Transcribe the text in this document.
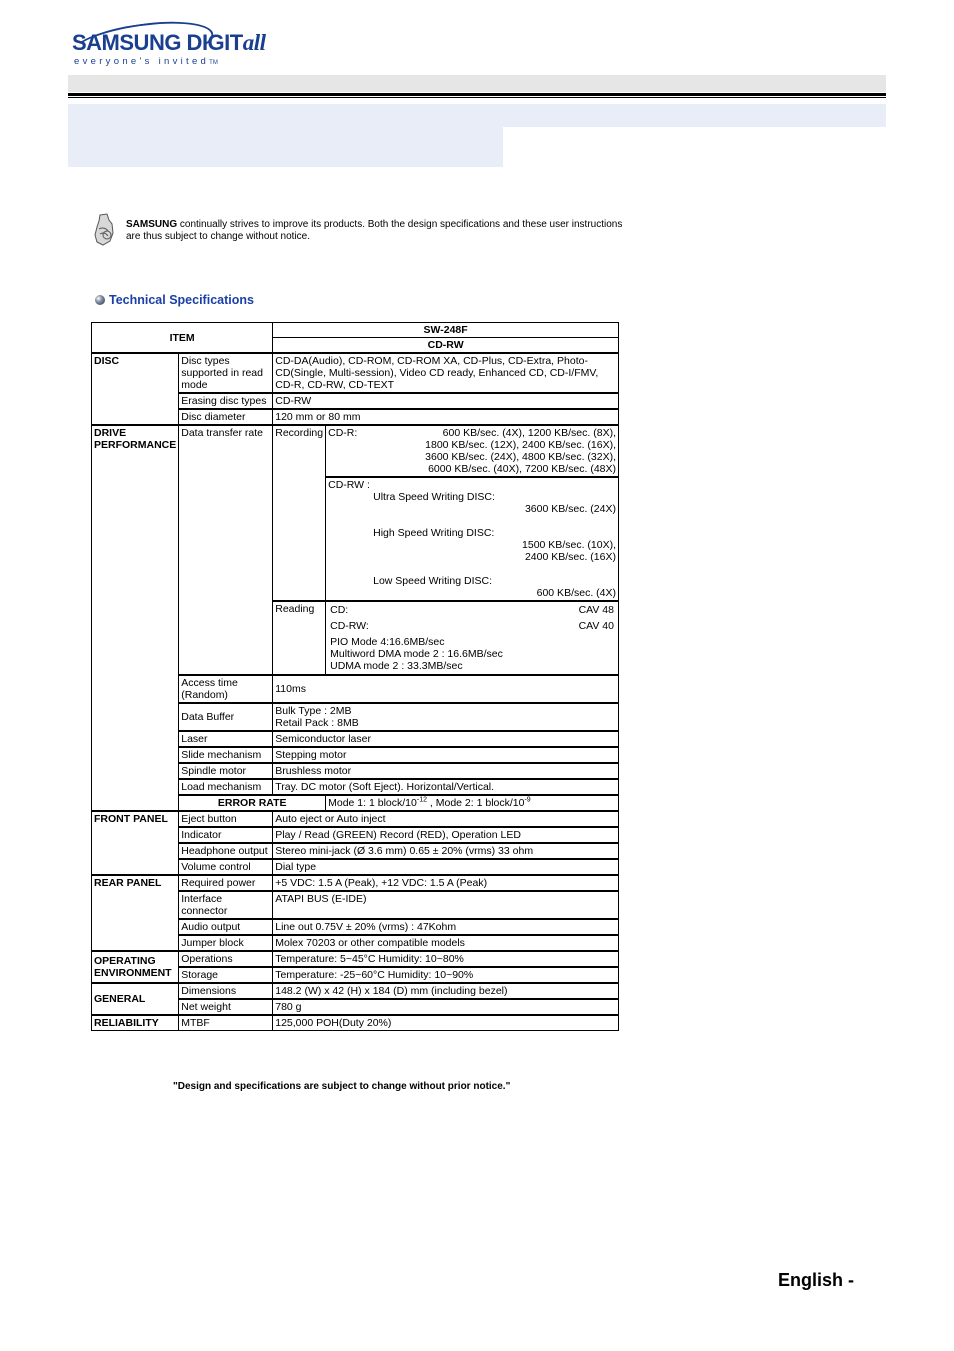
SAMSUNG DIGITall
everyone's invitedTM
SAMSUNG continually strives to improve its products. Both the design specifications and these user instructions are thus subject to change without notice.
Technical Specifications
ITEM	SW-248F
CD-RW
DISC	Disc types supported in read mode	CD-DA(Audio), CD-ROM, CD-ROM XA, CD-Plus, CD-Extra, Photo-CD(Single, Multi-session), Video CD ready, Enhanced CD, CD-I/FMV, CD-R, CD-RW, CD-TEXT
Erasing disc types	CD-RW
Disc diameter	120 mm or 80 mm
DRIVE PERFORMANCE	Data transfer rate	Recording	CD-R:	600 KB/sec. (4X), 1200 KB/sec. (8X),
1800 KB/sec. (12X), 2400 KB/sec. (16X),
3600 KB/sec. (24X), 4800 KB/sec. (32X),
6000 KB/sec. (40X), 7200 KB/sec. (48X)

CD-RW :
Ultra Speed Writing DISC:
3600 KB/sec. (24X)
High Speed Writing DISC:
1500 KB/sec. (10X),
2400 KB/sec. (16X)
Low Speed Writing DISC:
600 KB/sec. (4X)

Reading	CD:	CAV 48

CD-RW:	CAV 40

PIO Mode 4:16.6MB/sec
Multiword DMA mode 2 : 16.6MB/sec
UDMA mode 2 : 33.3MB/sec

Access time (Random)	110ms
Data Buffer	Bulk Type : 2MB
Retail Pack : 8MB

Laser	Semiconductor laser
Slide mechanism	Stepping motor
Spindle motor	Brushless motor
Load mechanism	Tray. DC motor (Soft Eject). Horizontal/Vertical.
ERROR RATE	Mode 1: 1 block/$10^{-12}$ , Mode 2: 1 block/$10^{-9}$
FRONT PANEL	Eject button	Auto eject or Auto inject
Indicator	Play / Read (GREEN) Record (RED), Operation LED
Headphone output	Stereo mini-jack (Ø 3.6 mm) 0.65 ± 20% (vrms) 33 ohm
Volume control	Dial type
REAR PANEL	Required power	+5 VDC: 1.5 A (Peak), +12 VDC: 1.5 A (Peak)
Interface connector	ATAPI BUS (E-IDE)
Audio output	Line out 0.75V ± 20% (vrms) : 47Kohm
Jumper block	Molex 70203 or other compatible models
OPERATING ENVIRONMENT	Operations	Temperature: 5~45°C Humidity: 10~80%
Storage	Temperature: -25~60°C Humidity: 10~90%
GENERAL	Dimensions	148.2 (W) x 42 (H) x 184 (D) mm (including bezel)
Net weight	780 g
RELIABILITY	MTBF	125,000 POH(Duty 20%)
"Design and specifications are subject to change without prior notice."
English -
